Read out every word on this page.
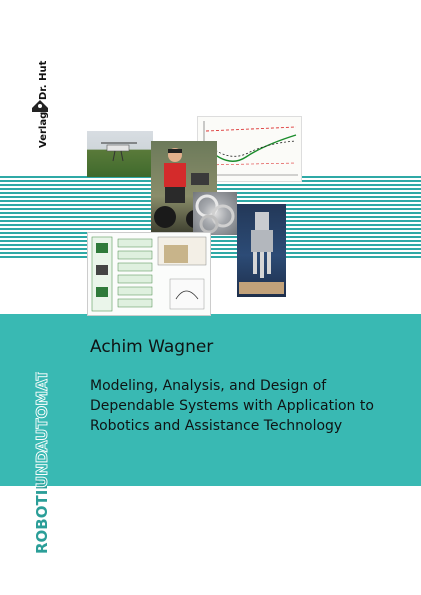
Verlag
Dr. Hut
Achim Wagner
Modeling, Analysis, and Design of
Dependable Systems with Application to
Robotics and Assistance Technology
ROBOTIK
UND
AUTOMATION
